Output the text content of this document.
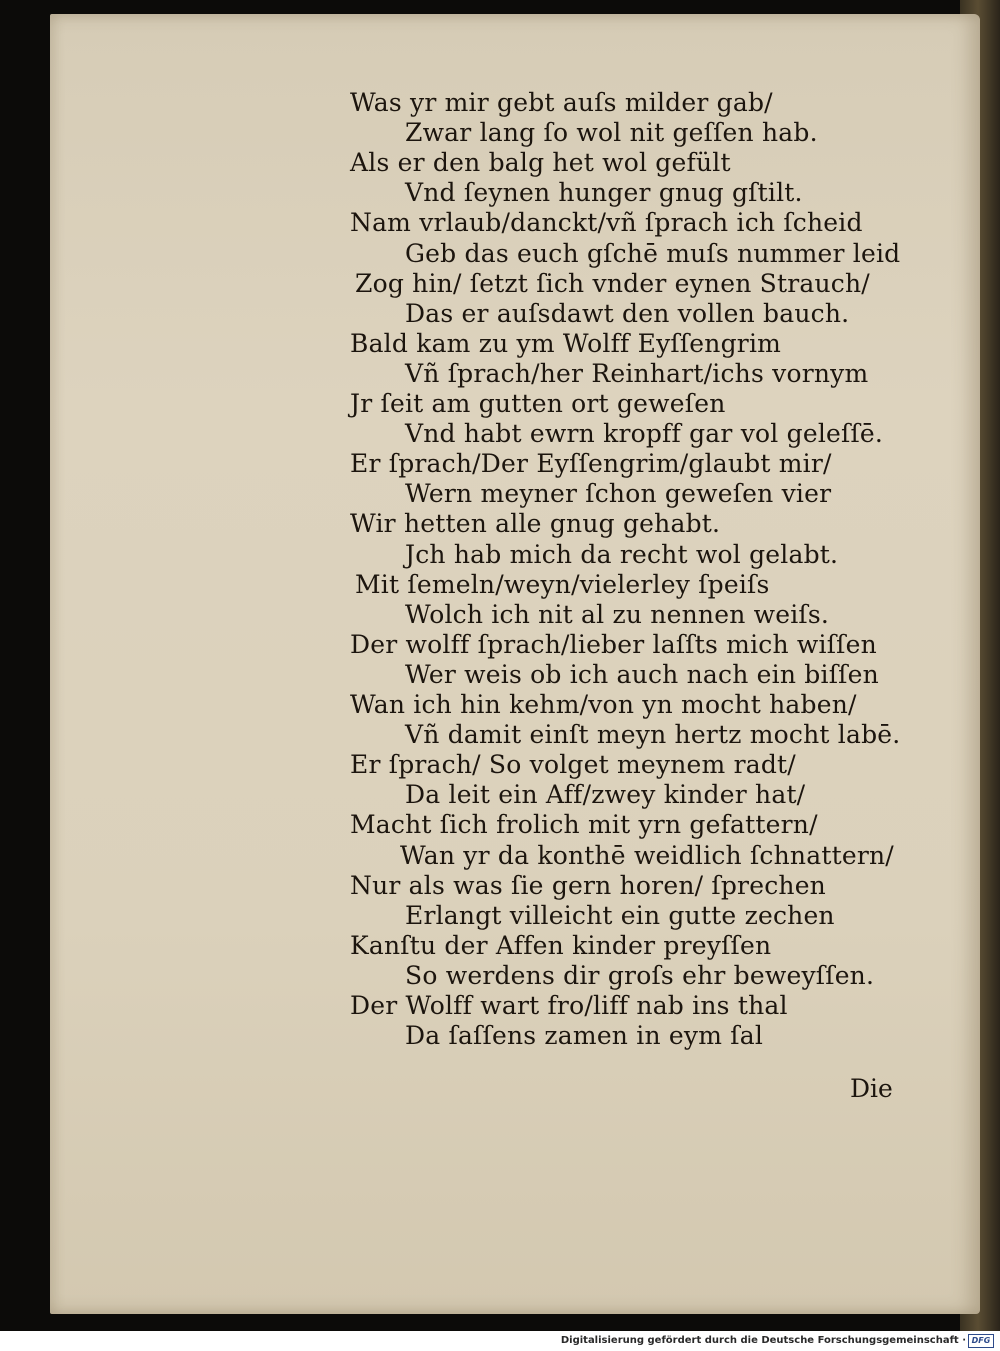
Was yr mir gebt auſs milder gab/

Zwar lang ſo wol nit geſſen hab.

Als er den balg het wol gefült

Vnd ſeynen hunger gnug gſtilt.

Nam vrlaub/danckt/vñ ſprach ich ſcheid

Geb das euch gſchē muſs nummer leid

Zog hin/ ſetzt ſich vnder eynen Strauch/

Das er auſsdawt den vollen bauch.

Bald kam zu ym Wolff Eyſſengrim

Vñ ſprach/her Reinhart/ichs vornym

Jr ſeit am gutten ort geweſen

Vnd habt ewrn kropff gar vol geleſſē.

Er ſprach/Der Eyſſengrim/glaubt mir/

Wern meyner ſchon geweſen vier

Wir hetten alle gnug gehabt.

Jch hab mich da recht wol gelabt.

Mit ſemeln/weyn/vielerley ſpeiſs

Wolch ich nit al zu nennen weiſs.

Der wolff ſprach/lieber laſſts mich wiſſen

Wer weis ob ich auch nach ein biſſen

Wan ich hin kehm/von yn mocht haben/

Vñ damit einſt meyn hertz mocht labē.

Er ſprach/ So volget meynem radt/

Da leit ein Aff/zwey kinder hat/

Macht ſich frolich mit yrn gefattern/

Wan yr da konthē weidlich ſchnattern/

Nur als was ſie gern horen/ ſprechen

Erlangt villeicht ein gutte zechen

Kanſtu der Affen kinder preyſſen

So werdens dir groſs ehr beweyſſen.

Der Wolff wart fro/liff nab ins thal

Da ſaſſens zamen in eym ſal

Die
Digitalisierung gefördert durch die Deutsche Forschungsgemeinschaft · DFG
